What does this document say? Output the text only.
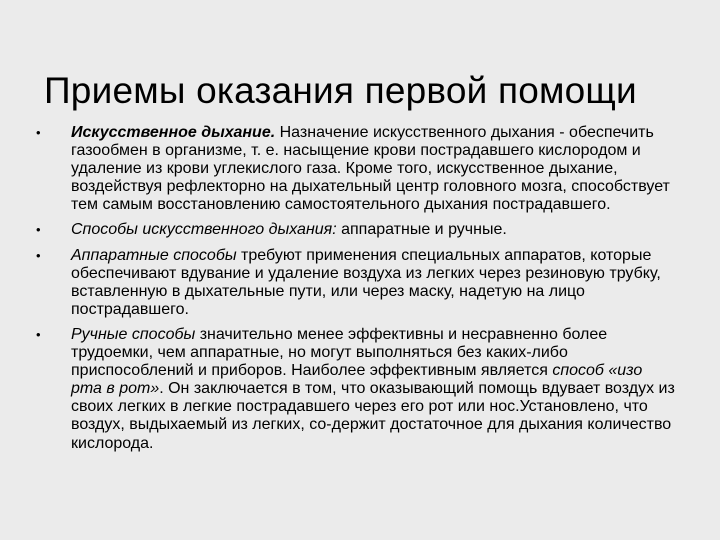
Приемы оказания первой помощи
• Искусственное дыхание. Назначение искусственного дыхания - обеспечить газообмен в организме, т. е. насыщение крови пострадавшего кислородом и удаление из крови углекислого газа. Кроме того, искусственное дыхание, воздействуя рефлекторно на дыхательный центр головного мозга, способствует тем самым восстановлению самостоятельного дыхания пострадавшего.
• Способы искусственного дыхания: аппаратные и ручные.
• Аппаратные способы требуют применения специальных аппаратов, которые обеспечивают вдувание и удаление воздуха из легких через резиновую трубку, вставленную в дыхательные пути, или через маску, надетую на лицо пострадавшего.
• Ручные способы значительно менее эффективны и несравненно более трудоемки, чем аппаратные, но могут выполняться без каких-либо приспособлений и приборов. Наиболее эффективным является способ «изо рта в рот». Он заключается в том, что оказывающий помощь вдувает воздух из своих легких в легкие пострадавшего через его рот или нос.Установлено, что воздух, выдыхаемый из легких, со-держит достаточное для дыхания количество кислорода.
